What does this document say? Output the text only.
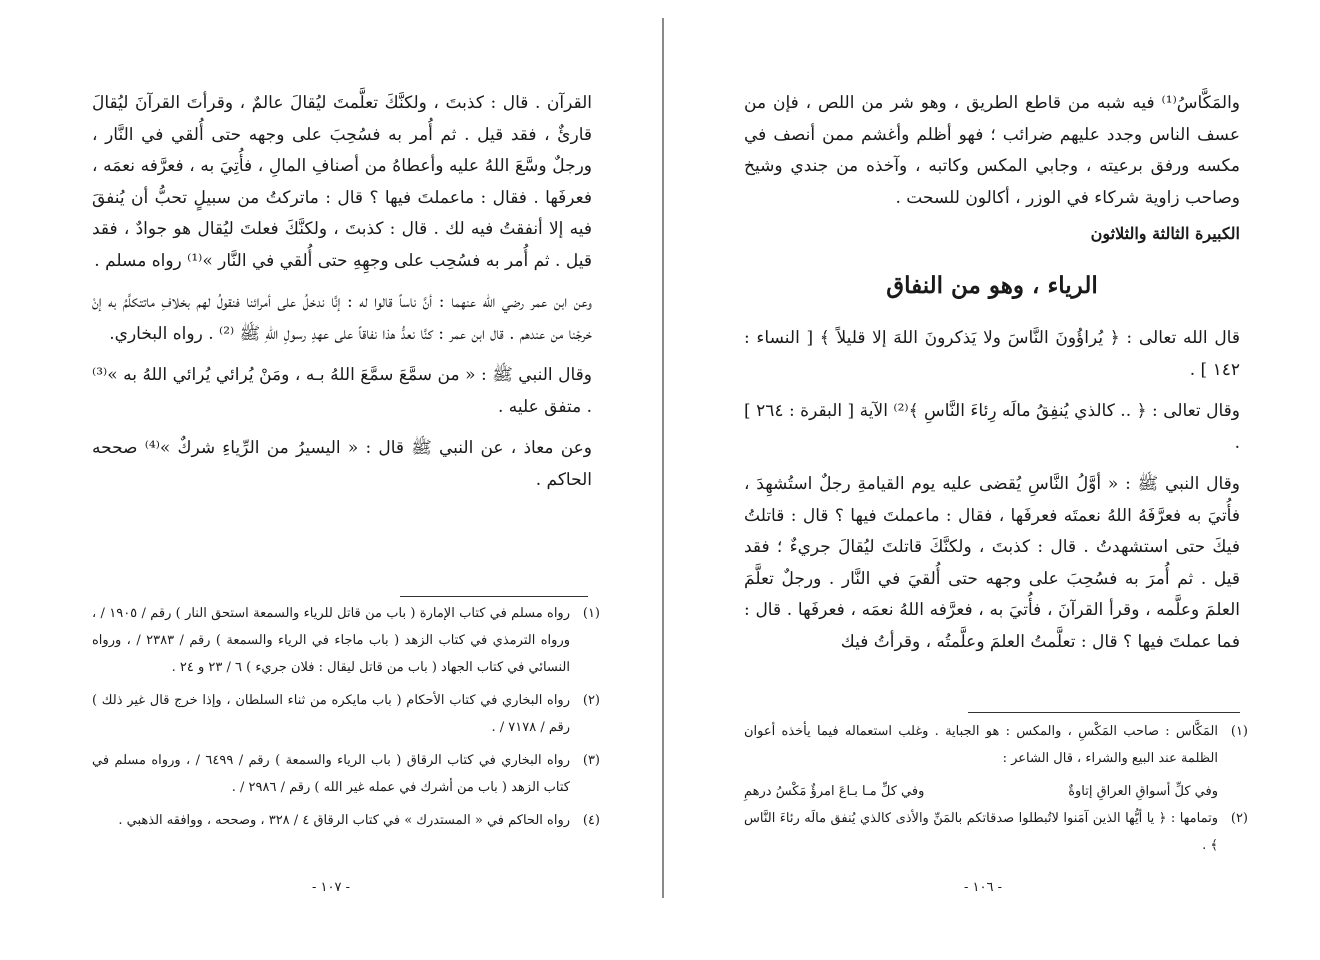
القرآن . قال : كذبتَ ، ولكنَّكَ تعلَّمتَ ليُقالَ عالمٌ ، وقرأتَ القرآنَ ليُقالَ قارئٌ ، فقد قيل . ثم أُمر به فسُحِبَ على وجهه حتى أُلقي في النَّار ، ورجلٌ وسَّعَ اللهُ عليه وأعطاهُ من أصنافِ المالِ ، فأُتِيَ به ، فعرَّفه نعمَه ، فعرفَها . فقال : ماعملتَ فيها ؟ قال : ماتركتُ من سبيلٍ تحبُّ أن يُنفقَ فيه إلا أنفقتُ فيه لك . قال : كذبتَ ، ولكنَّكَ فعلتَ ليُقال هو جوادٌ ، فقد قيل . ثم أُمر به فسُحِب على وجهِهِ حتى أُلقي في النَّار »⁽¹⁾ رواه مسلم .

وعن ابن عمر رضي الله عنهما : أنَّ ناساً قالوا له : إنَّا ندخلُ على أمرائنا فنقولُ لهم بخلافِ ماتتكلَّمُ به إنْ خرجْنا من عندهم . قال ابن عمر : كنَّا نعدُّ هذا نفاقاً على عهدِ رسولِ اللهِ ﷺ ⁽²⁾ . رواه البخاري.

وقال النبي ﷺ : « من سمَّعَ سمَّعَ اللهُ بـه ، ومَنْ يُرائي يُرائي اللهُ به »⁽³⁾ . متفق عليه .

وعن معاذ ، عن النبي ﷺ قال : « اليسيرُ من الرِّياءِ شركٌ »⁽⁴⁾ صححه الحاكم .

(١)
رواه مسلم في كتاب الإمارة ( باب من قاتل للرياء والسمعة استحق النار ) رقم / ١٩٠٥ / ، ورواه الترمذي في كتاب الزهد ( باب ماجاء في الرياء والسمعة ) رقم / ٢٣٨٣ / ، ورواه النسائي في كتاب الجهاد ( باب من قاتل ليقال : فلان جريء ) ٦ / ٢٣ و ٢٤ .
(٢)
رواه البخاري في كتاب الأحكام ( باب مايكره من ثناء السلطان ، وإذا خرج قال غير ذلك ) رقم / ٧١٧٨ / .
(٣)
رواه البخاري في كتاب الرقاق ( باب الرياء والسمعة ) رقم / ٦٤٩٩ / ، ورواه مسلم في كتاب الزهد ( باب من أشرك في عمله غير الله ) رقم / ٢٩٨٦ / .
(٤)
رواه الحاكم في « المستدرك » في كتاب الرقاق ٤ / ٣٢٨ ، وصححه ، ووافقه الذهبي .
- ١٠٧ -

والمَكَّاسُ⁽¹⁾ فيه شبه من قاطع الطريق ، وهو شر من اللص ، فإن من عسف الناس وجدد عليهم ضرائب ؛ فهو أظلم وأغشم ممن أنصف في مكسه ورفق برعيته ، وجابي المكس وكاتبه ، وآخذه من جندي وشيخ وصاحب زاوية شركاء في الوزر ، أكالون للسحت .

الكبيرة الثالثة والثلاثون

الرياء ، وهو من النفاق

قال الله تعالى : ﴿ يُراؤُونَ النَّاسَ ولا يَذكرونَ اللهَ إلا قليلاً ﴾ [ النساء : ١٤٢ ] .

وقال تعالى : ﴿ .. كالذي يُنفِقُ مالَه رِئاءَ النَّاسِ ﴾⁽²⁾ الآية [ البقرة : ٢٦٤ ] .

وقال النبي ﷺ : « أوَّلُ النَّاسِ يُقضى عليه يوم القيامةِ رجلٌ استُشهِدَ ، فأُتيَ به فعرَّفَهُ اللهُ نعمتَه فعرفَها ، فقال : ماعملتَ فيها ؟ قال : قاتلتُ فيكَ حتى استشهدتُ . قال : كذبتَ ، ولكنَّكَ قاتلتَ ليُقالَ جريءٌ ؛ فقد قيل . ثم أُمرَ به فسُحِبَ على وجهه حتى أُلقيَ في النَّار . ورجلٌ تعلَّمَ العلمَ وعلَّمه ، وقرأ القرآنَ ، فأُتيَ به ، فعرَّفه اللهُ نعمَه ، فعرفَها . قال : فما عملتَ فيها ؟ قال : تعلَّمتُ العلمَ وعلَّمتُه ، وقرأتُ فيك

(١)
المَكَّاس : صاحب المَكْسِ ، والمكس : هو الجباية . وغلب استعماله فيما يأخذه أعوان الظلمة عند البيع والشراء ، قال الشاعر :
وفي كلِّ أسواقِ العراقِ إتاوةٌ
وفي كلِّ مـا بـاعَ امرؤٌ مَكْسُ درهمِ
(٢)
وتمامها : ﴿ يا أيُّها الذين آمَنوا لاتُبطلوا صدقاتكم بالمَنِّ والأذى كالذي يُنفق مالَه رئاءَ النَّاس ﴾ .
- ١٠٦ -
